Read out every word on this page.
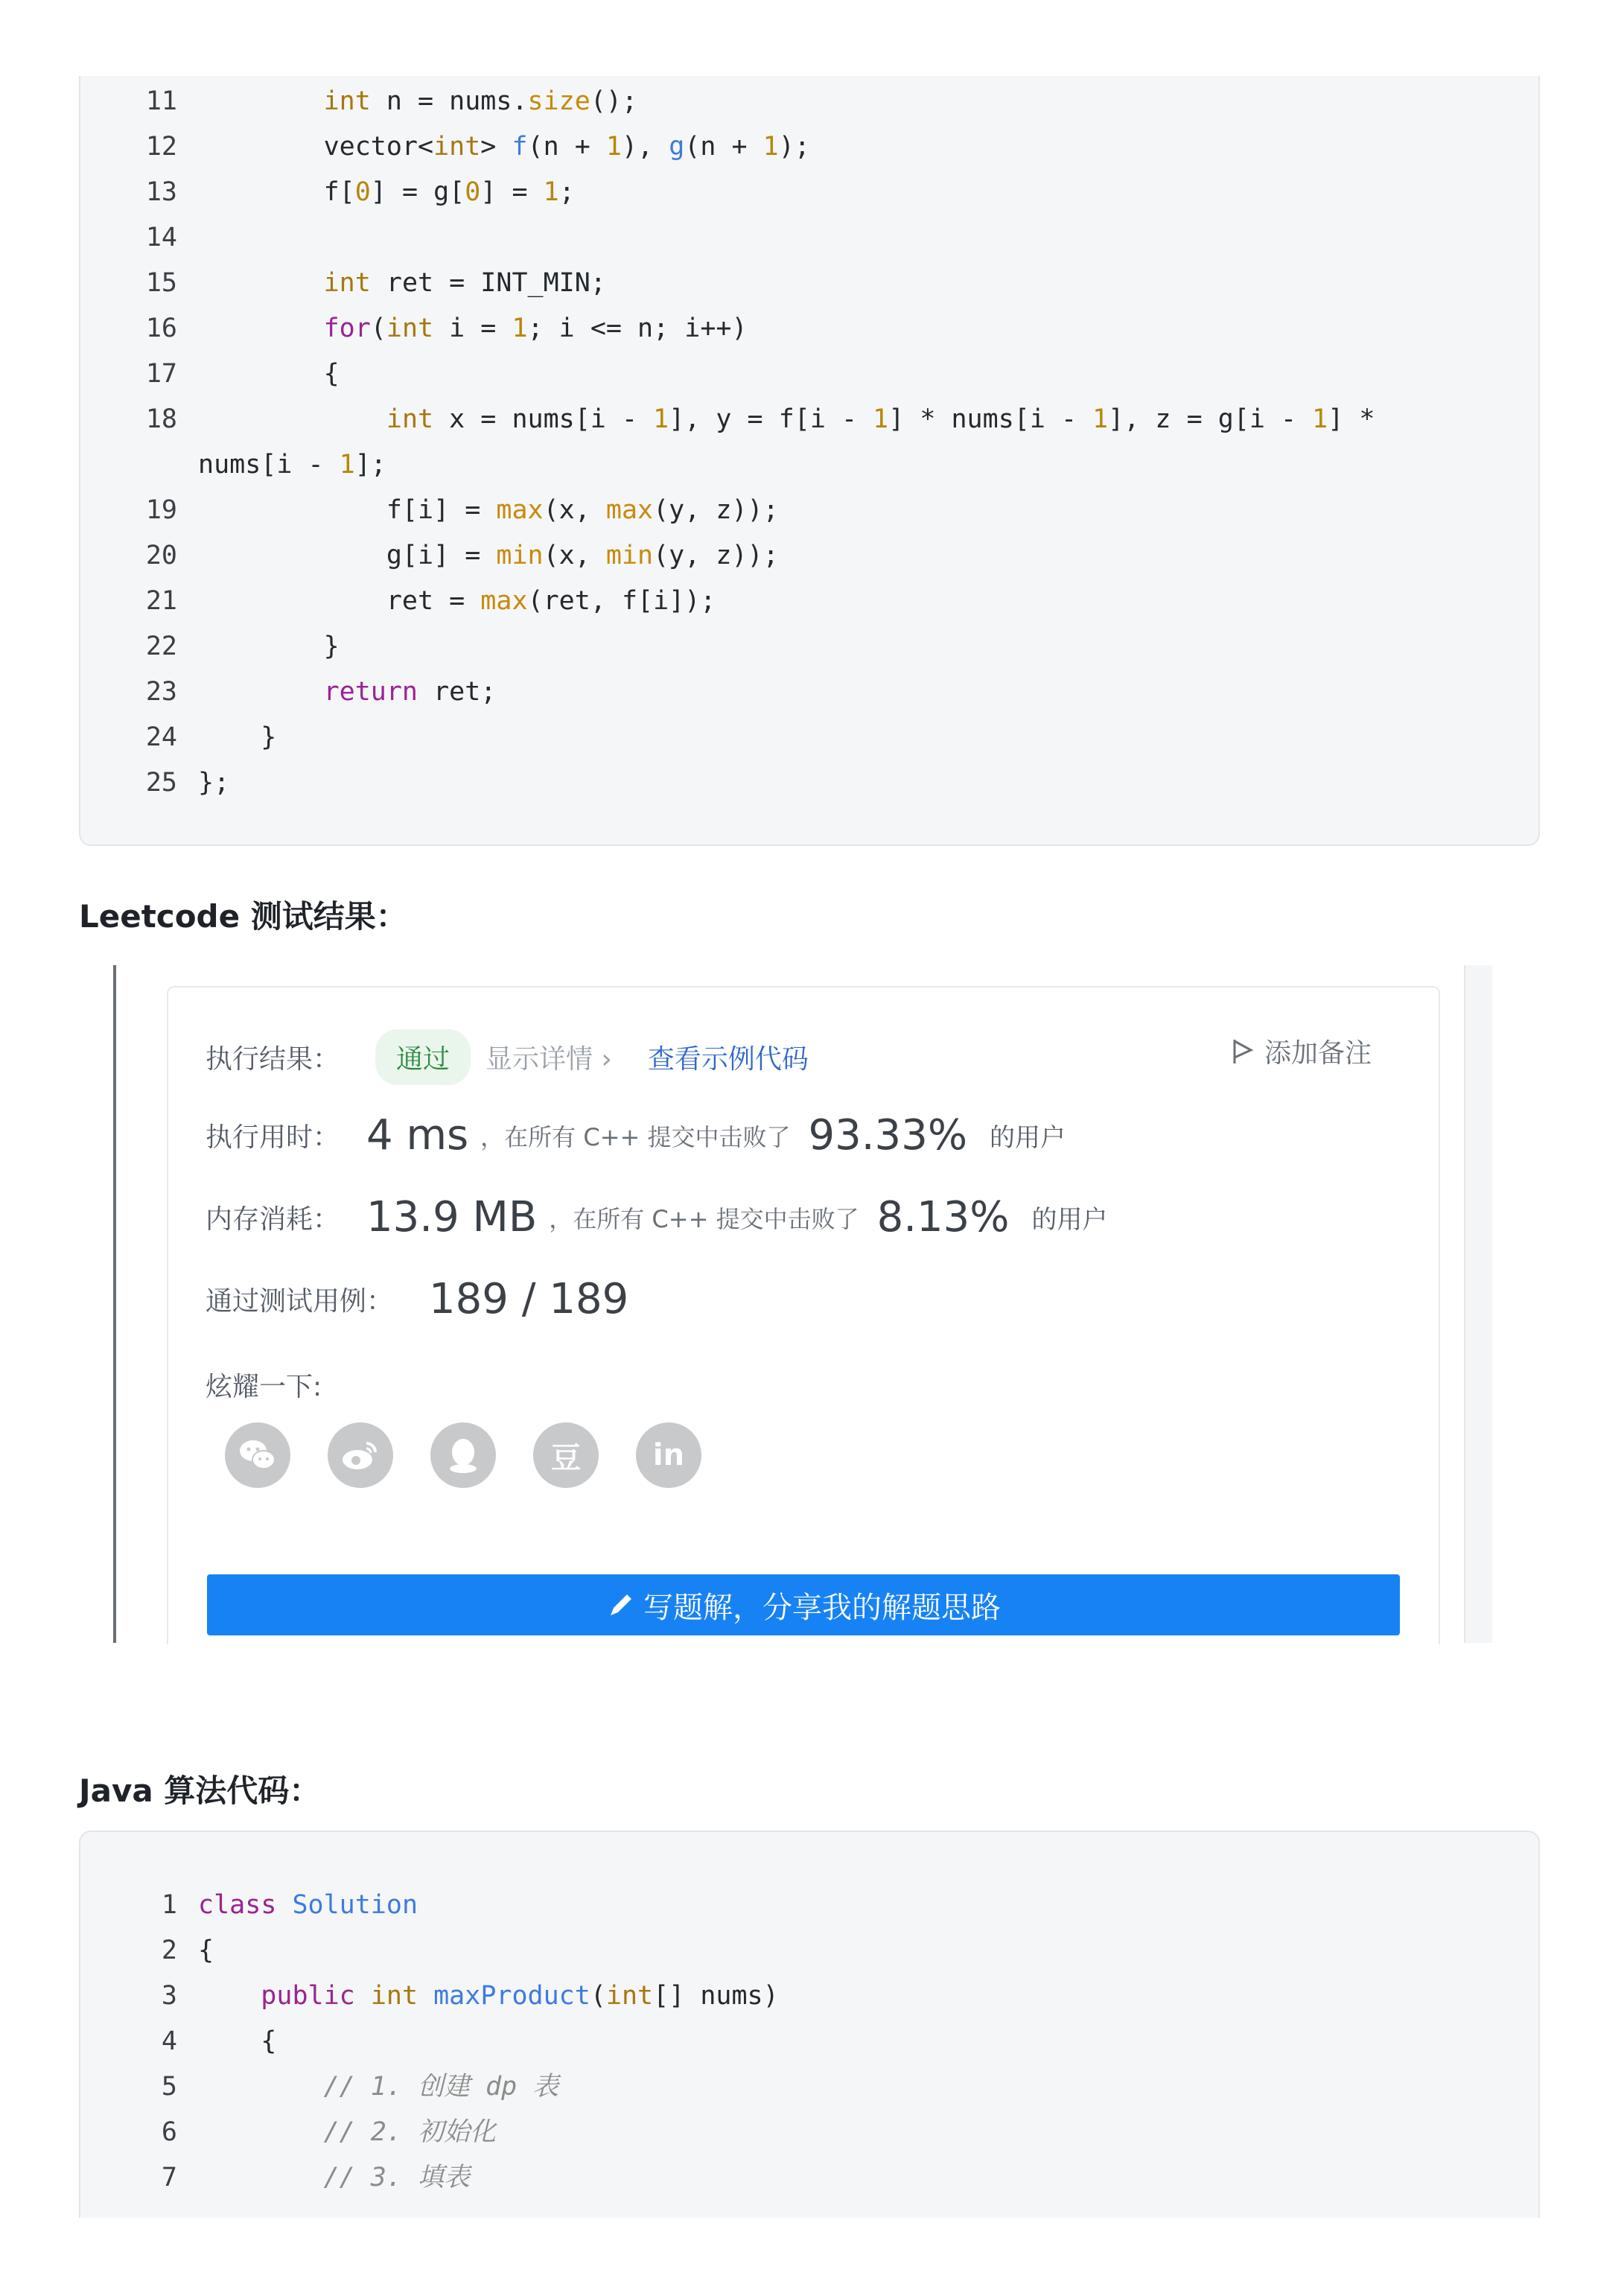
11	int n = nums.size();
12 vector<int> f(n + 1), g(n + 1);
13 f[0] = g[0] = 1;
14
15	int ret = INT_MIN;
16	for(int i = 1; i <= n; i++)
17 {
18	int x = nums[i - 1], y = f[i - 1] * nums[i - 1], z = g[i - 1] *
nums[i - 1];
19 f[i] = max(x, max(y, z));
20 g[i] = min(x, min(y, z));
21 ret = max(ret, f[i]);
22 }
23	return ret;
24 }
25 };
Leetcode 测试结果：
执行结果：	通过	显示详情 › 查看示例代码	添加备注
执行用时： 4 ms ，在所有 C++ 提交中击败了 93.33% 的用户
内存消耗： 13.9 MB ，在所有 C++ 提交中击败了 8.13% 的用户
通过测试用例： 189 / 189
炫耀一下:
豆	in
写题解，分享我的解题思路
Java 算法代码：
1 class Solution
2 {
3	public int maxProduct(int[] nums)
4 {
5	// 1. 创建 dp 表
6	// 2. 初始化
7	// 3. 填表
